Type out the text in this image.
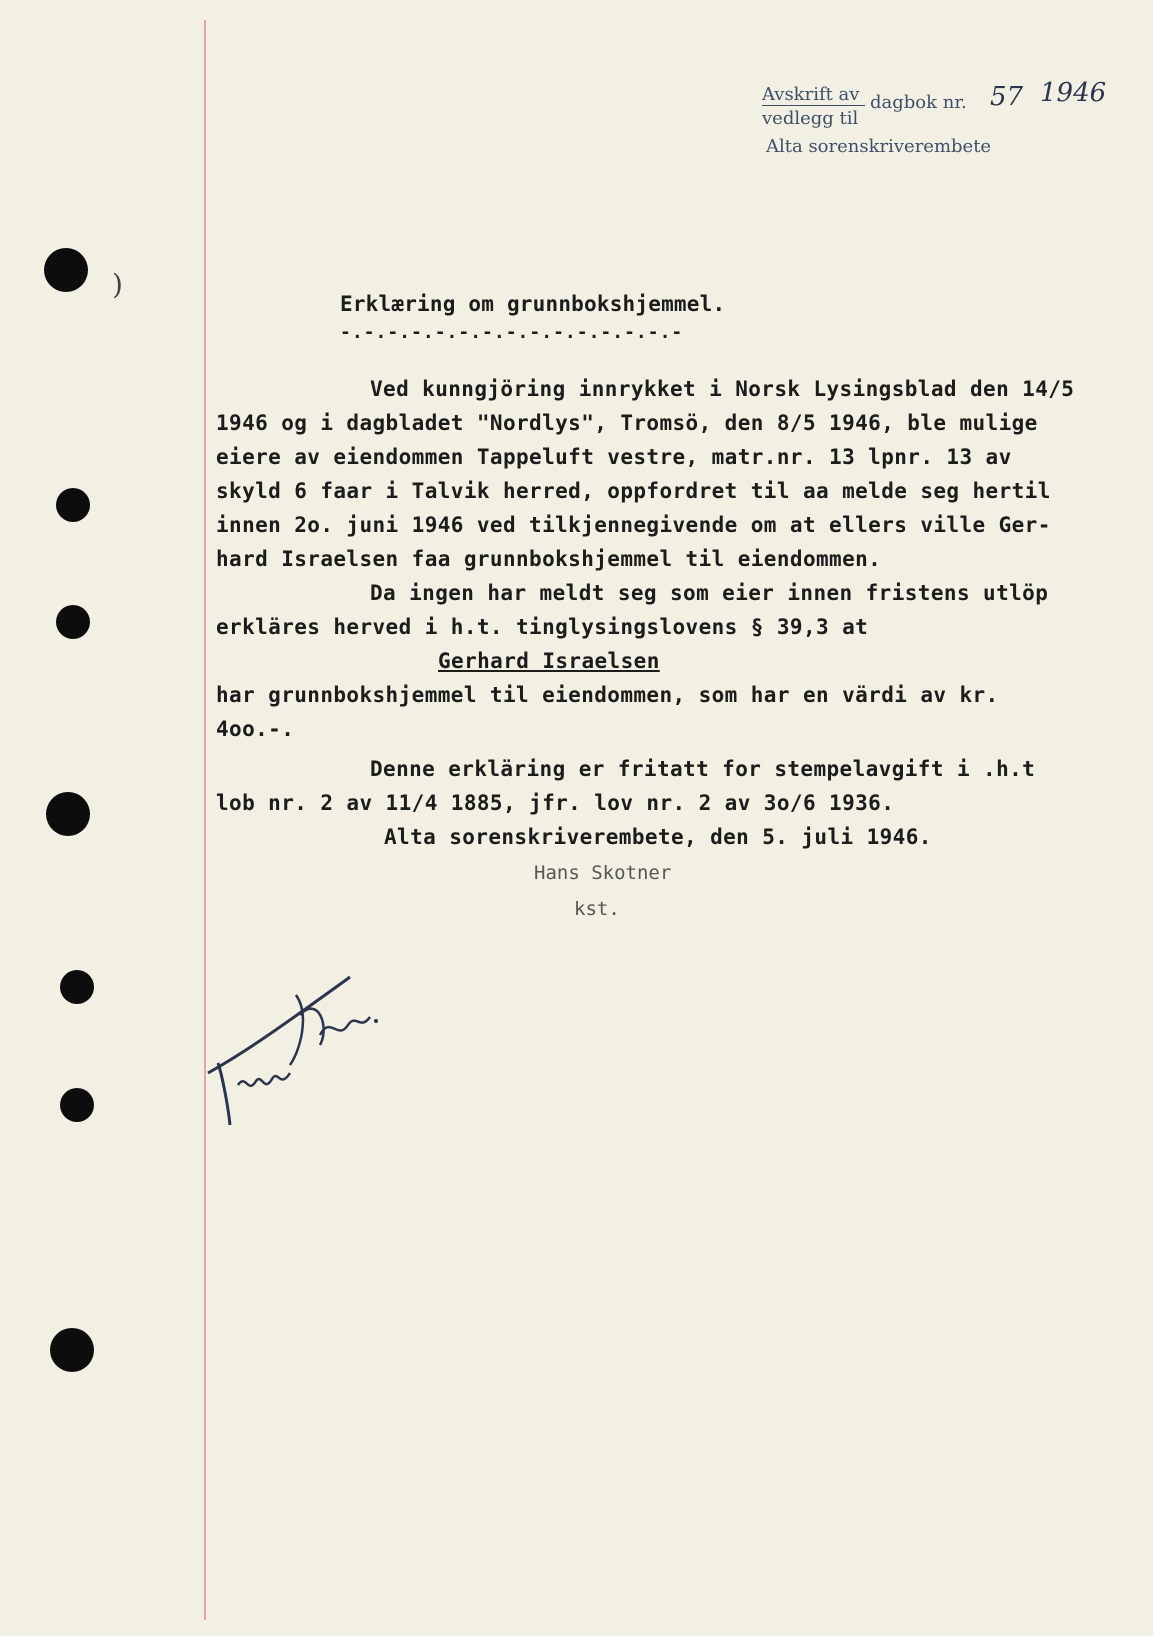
)
Avskrift av
vedlegg til
dagbok nr. 57 1946
Alta sorenskriverembete
Erklæring om grunnbokshjemmel.
-.-.-.-.-.-.-.-.-.-.-.-.-.-.-
Ved kunngjöring innrykket i Norsk Lysingsblad den 14/5
1946 og i dagbladet "Nordlys", Tromsö, den 8/5 1946, ble mulige
eiere av eiendommen Tappeluft vestre, matr.nr. 13 lpnr. 13 av
skyld 6 faar i Talvik herred, oppfordret til aa melde seg hertil
innen 2o. juni 1946 ved tilkjennegivende om at ellers ville Ger-
hard Israelsen faa grunnbokshjemmel til eiendommen.
Da ingen har meldt seg som eier innen fristens utlöp
erkläres herved i h.t. tinglysingslovens § 39,3 at
Gerhard Israelsen
har grunnbokshjemmel til eiendommen, som har en värdi av kr.
4oo.-.
Denne erkläring er fritatt for stempelavgift i .h.t
lob nr. 2 av 11/4 1885, jfr. lov nr. 2 av 3o/6 1936.
Alta sorenskriverembete, den 5. juli 1946.
Hans Skotner
kst.
